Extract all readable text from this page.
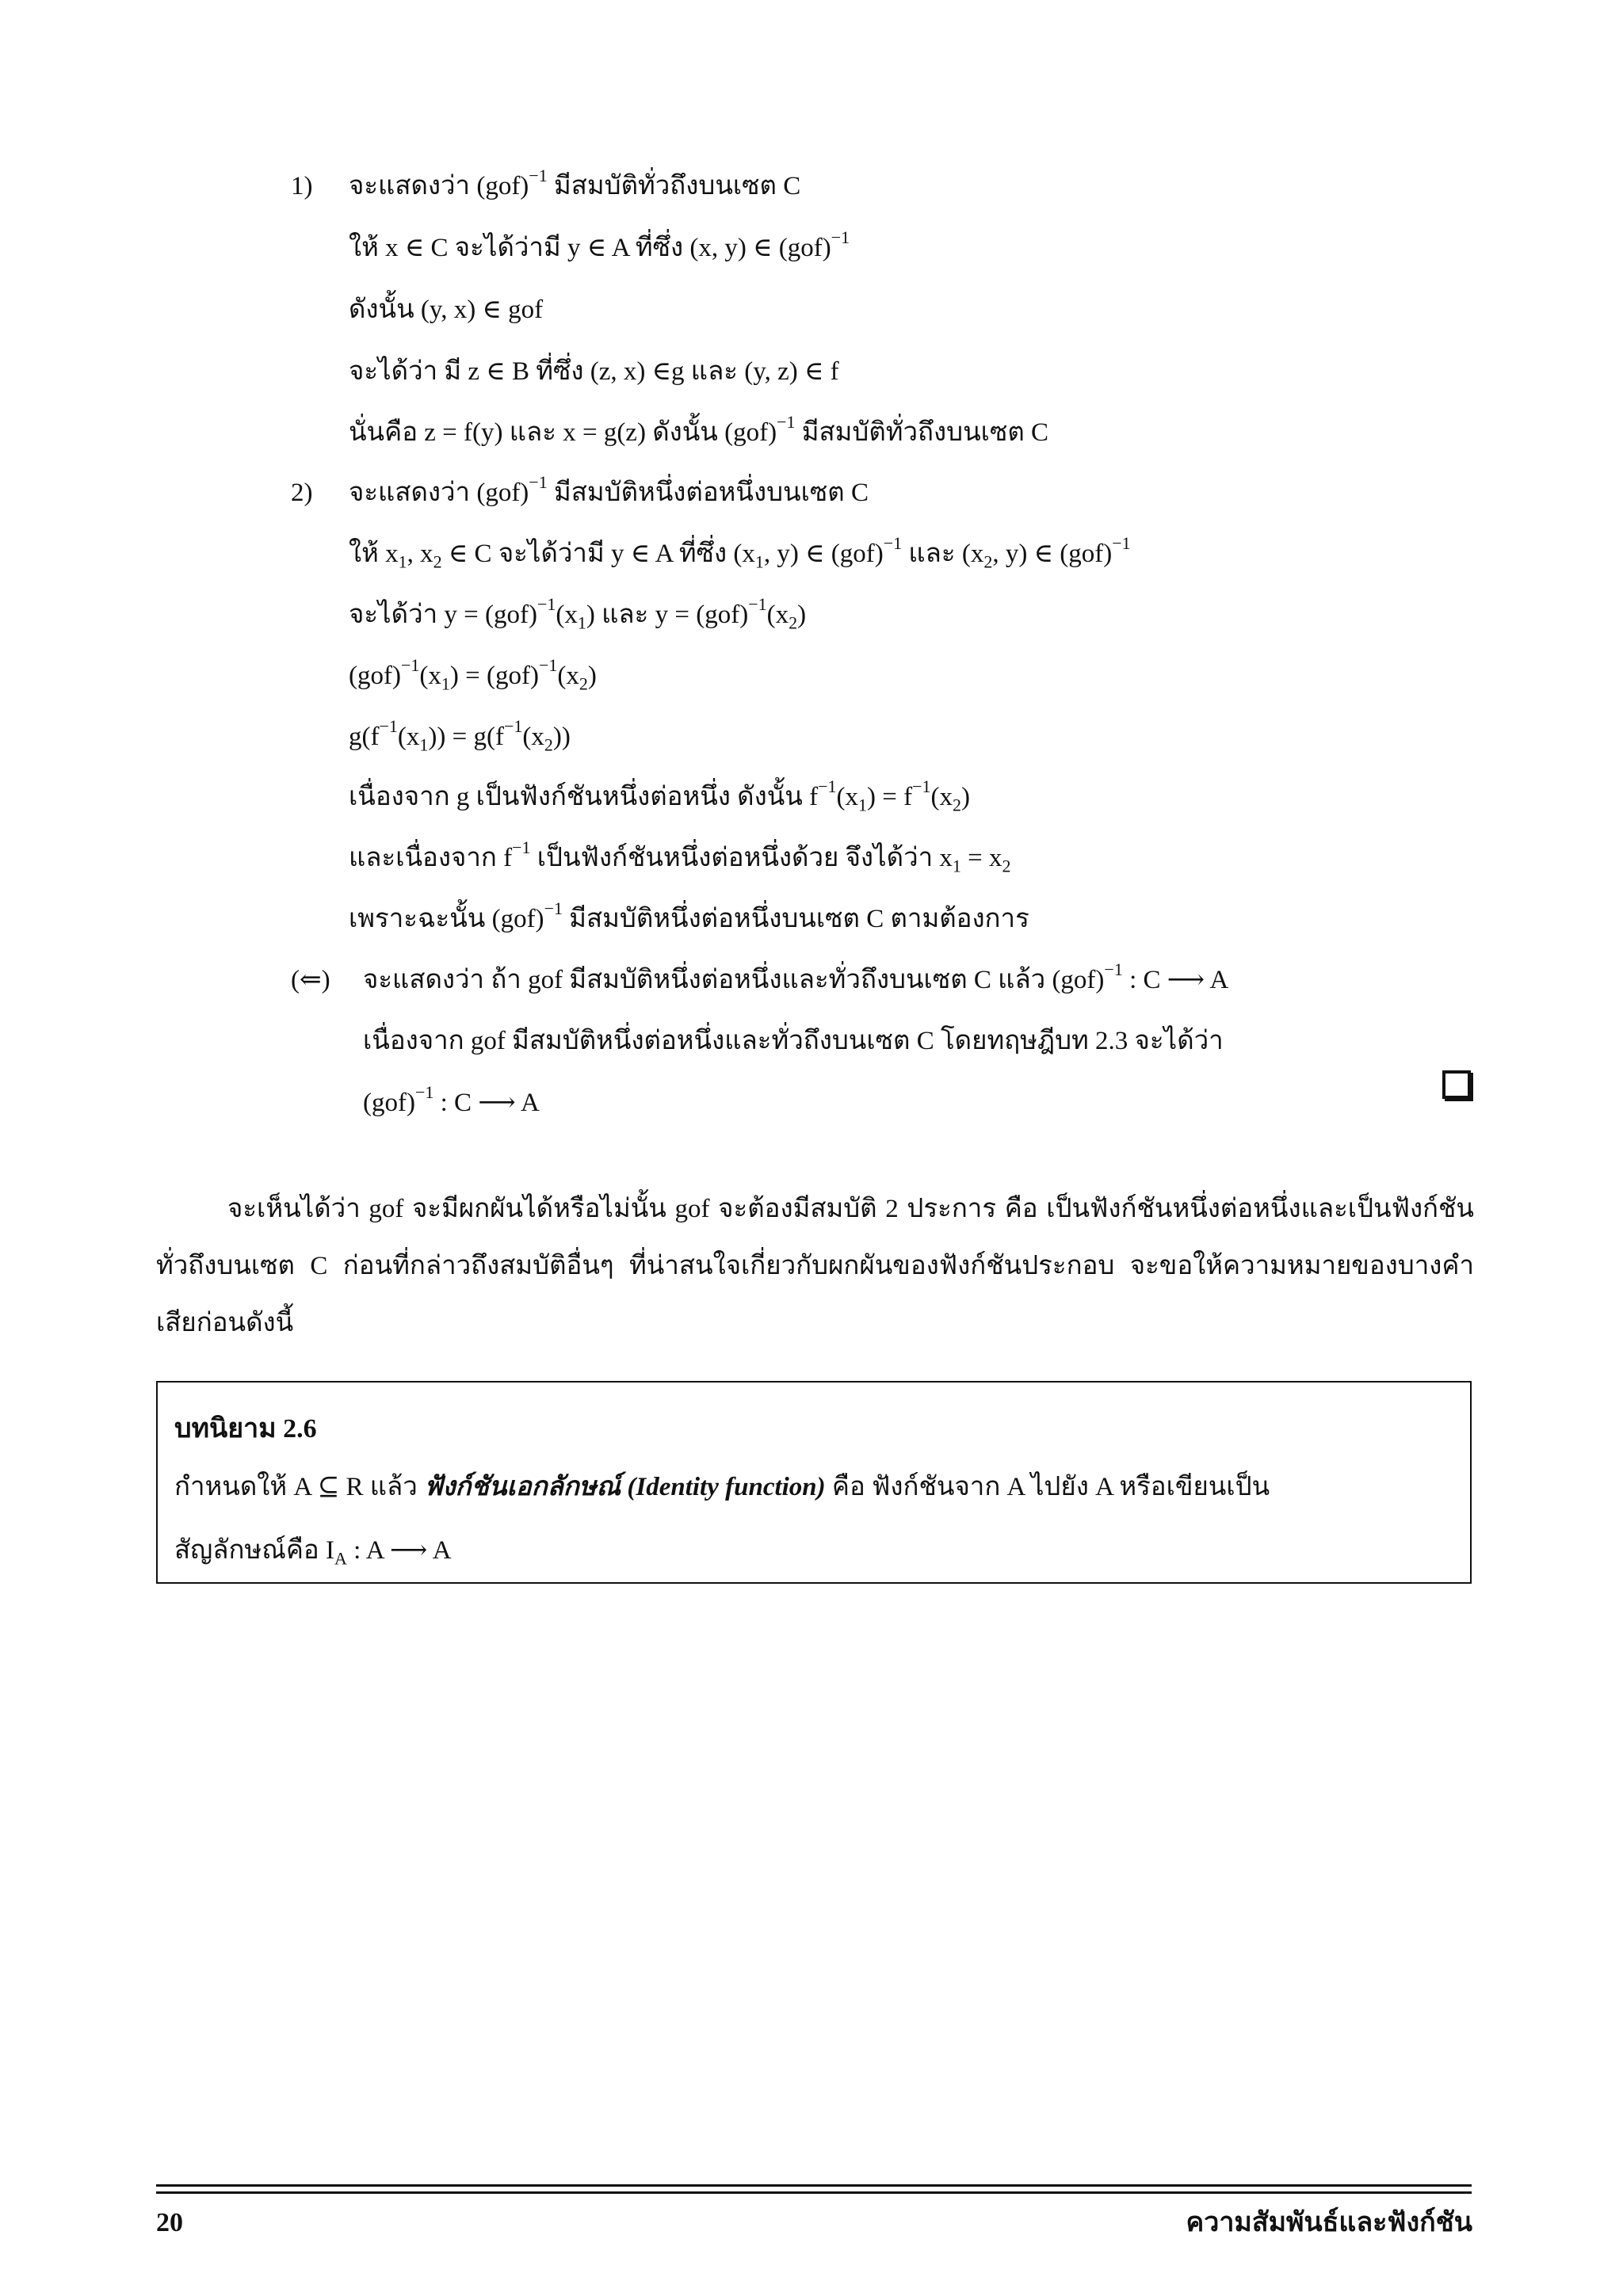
1) จะแสดงว่า (gof)$^{-1}$ มีสมบัติทั่วถึงบนเซต C
ให้ x ∈ C จะได้ว่ามี y ∈ A ที่ซึ่ง (x, y) ∈ (gof)$^{-1}$
ดังนั้น (y, x) ∈ gof
จะได้ว่า มี z ∈ B ที่ซึ่ง (z, x) ∈g และ (y, z) ∈ f
นั่นคือ z = f(y) และ x = g(z) ดังนั้น (gof)$^{-1}$ มีสมบัติทั่วถึงบนเซต C
2) จะแสดงว่า (gof)$^{-1}$ มีสมบัติหนึ่งต่อหนึ่งบนเซต C
ให้ $x_1$, $x_2$ ∈ C จะได้ว่ามี y ∈ A ที่ซึ่ง ($x_1$, y) ∈ (gof)$^{-1}$ และ ($x_2$, y) ∈ (gof)$^{-1}$
จะได้ว่า $y = (gof)^{-1}(x_1)$ และ $y = (gof)^{-1}(x_2)$
$(gof)^{-1}(x_1) = (gof)^{-1}(x_2)$
$g(f^{-1}(x_1)) = g(f^{-1}(x_2))$
เนื่องจาก g เป็นฟังก์ชันหนึ่งต่อหนึ่ง ดังนั้น $f^{-1}(x_1) = f^{-1}(x_2)$
และเนื่องจาก $f^{-1}$ เป็นฟังก์ชันหนึ่งต่อหนึ่งด้วย จึงได้ว่า $x_1 = x_2$
เพราะฉะนั้น (gof)$^{-1}$ มีสมบัติหนึ่งต่อหนึ่งบนเซต C ตามต้องการ
(⇐) จะแสดงว่า ถ้า gof มีสมบัติหนึ่งต่อหนึ่งและทั่วถึงบนเซต C แล้ว (gof)$^{-1}$ : C ⟶ A
เนื่องจาก gof มีสมบัติหนึ่งต่อหนึ่งและทั่วถึงบนเซต C โดยทฤษฎีบท 2.3 จะได้ว่า
(gof)$^{-1}$ : C ⟶ A
จะเห็นได้ว่า gof จะมีผกผันได้หรือไม่นั้น gof จะต้องมีสมบัติ 2 ประการ คือ เป็นฟังก์ชันหนึ่งต่อหนึ่งและเป็นฟังก์ชันทั่วถึงบนเซต C ก่อนที่กล่าวถึงสมบัติอื่นๆ ที่น่าสนใจเกี่ยวกับผกผันของฟังก์ชันประกอบ จะขอให้ความหมายของบางคำเสียก่อนดังนี้
บทนิยาม 2.6
กำหนดให้ A ⊆ R แล้ว ฟังก์ชันเอกลักษณ์ (Identity function) คือ ฟังก์ชันจาก A ไปยัง A หรือเขียนเป็น
สัญลักษณ์คือ $I_A$ : A ⟶ A
20	ความสัมพันธ์และฟังก์ชัน
